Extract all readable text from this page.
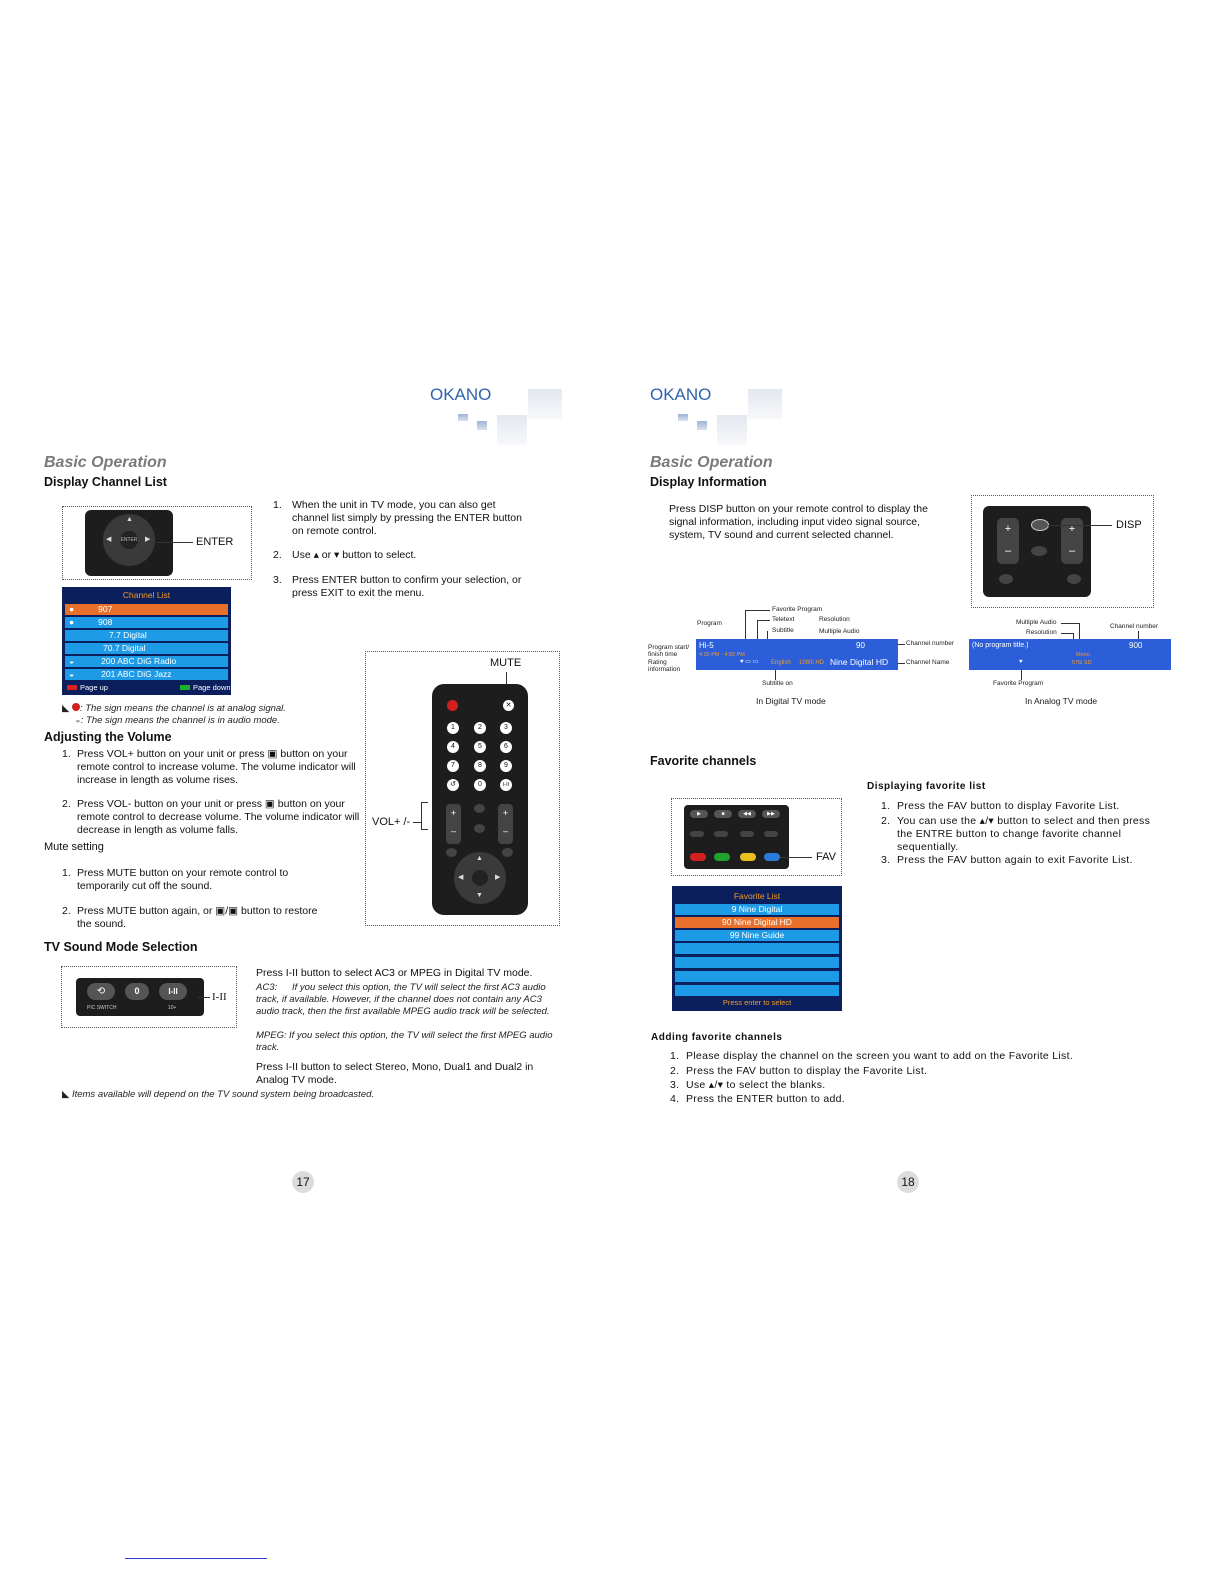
OKANO
Basic Operation
Display Channel List
ENTER
▲
◀	▶	ENTER
1. When the unit in TV mode, you can also get channel list simply by pressing the ENTER button on remote control.
2. Use ▴ or ▾ button to select.
3. Press ENTER button to confirm your selection, or press EXIT to exit the menu.
Channel List
●	907
●	908
7.7 Digital
70.7 Digital
◒	200 ABC DiG Radio
◒	201 ABC DiG Jazz
Page up	Page down
◣ : The sign means the channel is at analog signal.
◒: The sign means the channel is in audio mode.
Adjusting the Volume
1. Press VOL+ button on your unit or press ▣ button on your remote control to increase volume. The volume indicator will increase in length as volume rises.
2. Press VOL- button on your unit or press ▣ button on your remote control to decrease volume. The volume indicator will decrease in length as volume falls.
Mute setting
1. Press MUTE button on your remote control to temporarily cut off the sound.
2. Press MUTE button again, or ▣/▣ button to restore the sound.
MUTE
VOL+ /-
✕
1	2	3
4	5	6
7	8	9
↺	0	I-II
+
–
+
–
▲
▼
◀	▶
TV Sound Mode Selection
⟲	0	I-II
PIC SWITCH	10+
I-II
Press I-II button to select AC3 or MPEG in Digital TV mode.
AC3:	If you select this option, the TV will select the first AC3 audio track, if available. However, if the channel does not contain any AC3 audio track, then the first available MPEG audio track will be selected.
MPEG: If you select this option, the TV will select the first MPEG audio track.
Press I-II button to select Stereo, Mono, Dual1 and Dual2 in Analog TV mode.
◣ Items available will depend on the TV sound system being broadcasted.
17
OKANO
Basic Operation
Display Information
Press DISP button on your remote control to display the signal information, including input video signal source, system, TV sound and current selected channel.	+
–
+
–
DISP
Favorite Program
Teletext	Resolution
Program
Subtitle	Multiple Audio
Program start/ finish time
Rating information
Channel number
Channel Name
Hi-5
4:30 PM - 4:55 PM
90
♥ ▭ ▭ English 1080i HD Nine Digital HD
Subtitle on
In Digital TV mode
Multiple Audio
Resolution
Channel number
(No program title.)	900
Mono
576i SD
♥
Favorite Program
In Analog TV mode
Favorite channels
Displaying favorite list
▶	■	◀◀	▶▶
FAV
1. Press the FAV button to display Favorite List.
2. You can use the ▴/▾ button to select and then press the ENTRE button to change favorite channel sequentially.
3. Press the FAV button again to exit Favorite List.
Favorite List
9 Nine Digital
90 Nine Digital HD
99 Nine Guide
Press enter to select
Adding favorite channels
1. Please display the channel on the screen you want to add on the Favorite List.
2. Press the FAV button to display the Favorite List.
3. Use ▴/▾ to select the blanks.
4. Press the ENTER button to add.
18
